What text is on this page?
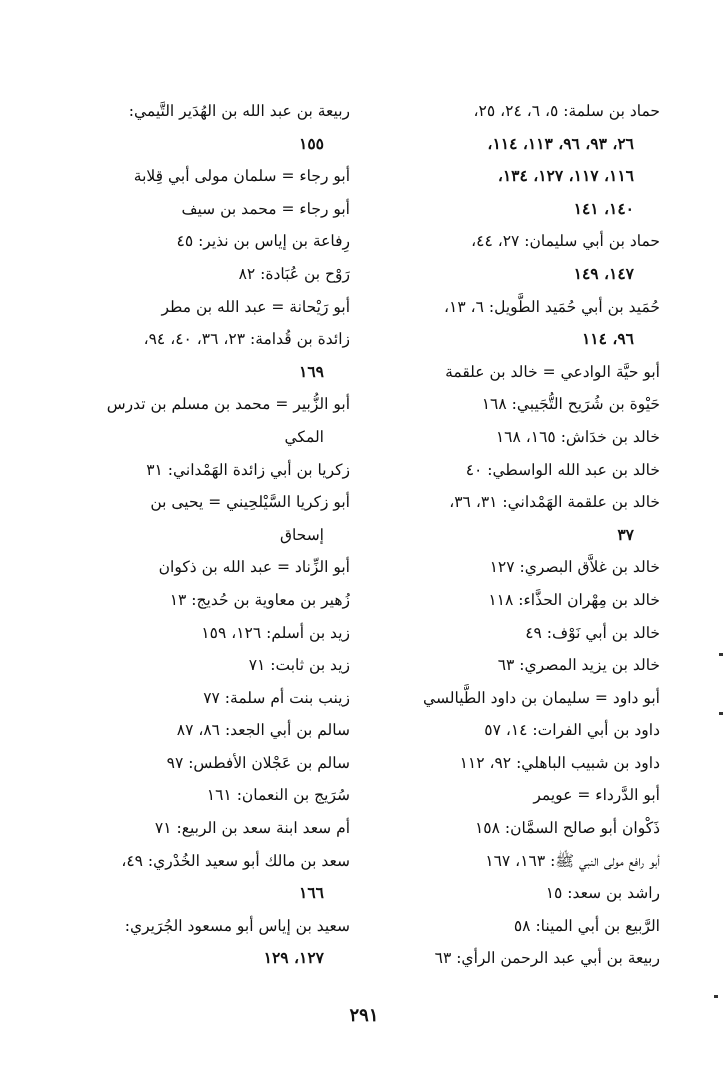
حماد بن سلمة: ٥، ٦، ٢٤، ٢٥،
٢٦، ٩٣، ٩٦، ١١٣، ١١٤،
١١٦، ١١٧، ١٢٧، ١٣٤،
١٤٠، ١٤١
حماد بن أبي سليمان: ٢٧، ٤٤،
١٤٧، ١٤٩
حُمَيد بن أبي حُمَيد الطَّويل: ٦، ١٣،
٩٦، ١١٤
أبو حيَّة الوادعي = خالد بن علقمة
حَيْوة بن شُرَيح التُّجَيبي: ١٦٨
خالد بن خدَاش: ١٦٥، ١٦٨
خالد بن عبد الله الواسطي: ٤٠
خالد بن علقمة الهَمْداني: ٣١، ٣٦،
٣٧
خالد بن غلاَّق البصري: ١٢٧
خالد بن مِهْران الحذَّاء: ١١٨
خالد بن أبي نَوْف: ٤٩
خالد بن يزيد المصري: ٦٣
أبو داود = سليمان بن داود الطَّيالسي
داود بن أبي الفرات: ١٤، ٥٧
داود بن شبيب الباهلي: ٩٢، ١١٢
أبو الدَّرداء = عويمر
ذَكْوان أبو صالح السمَّان: ١٥٨
أبو رافع مولى النبي ﷺ: ١٦٣، ١٦٧
راشد بن سعد: ١٥
الرَّبيع بن أبي المينا: ٥٨
ربيعة بن أبي عبد الرحمن الرأي: ٦٣
ربيعة بن عبد الله بن الهُدَير التَّيمي:
١٥٥
أبو رجاء = سلمان مولى أبي قِلابة
أبو رجاء = محمد بن سيف
رِفاعة بن إياس بن نذير: ٤٥
رَوْح بن عُبَادة: ٨٢
أبو رَيْحانة = عبد الله بن مطر
زائدة بن قُدامة: ٢٣، ٣٦، ٤٠، ٩٤،
١٦٩
أبو الزُّبير = محمد بن مسلم بن تدرس
المكي
زكريا بن أبي زائدة الهَمْداني: ٣١
أبو زكريا السَّيْلحِيني = يحيى بن
إسحاق
أبو الزِّناد = عبد الله بن ذكوان
زُهير بن معاوية بن حُديج: ١٣
زيد بن أسلم: ١٢٦، ١٥٩
زيد بن ثابت: ٧١
زينب بنت أم سلمة: ٧٧
سالم بن أبي الجعد: ٨٦، ٨٧
سالم بن عَجْلان الأفطس: ٩٧
سُرَيج بن النعمان: ١٦١
أم سعد ابنة سعد بن الربيع: ٧١
سعد بن مالك أبو سعيد الخُدْري: ٤٩،
١٦٦
سعيد بن إياس أبو مسعود الجُرَيري:
١٢٧، ١٢٩
٢٩١
